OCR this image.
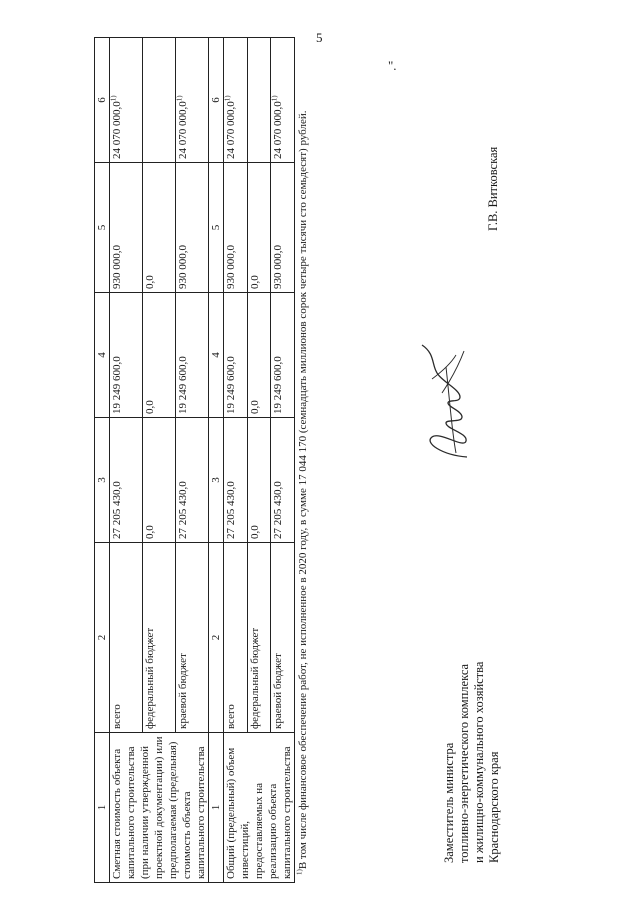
5
".
1	2	3	4	5	6
Сметная стоимость объекта капитального строительства (при наличии утвержденной проектной документации) или предполагаемая (предельная) стоимость объекта капитального строительства	всего	27 205 430,0	19 249 600,0	930 000,0	24 070 000,0$^{1)}$
	федеральный бюджет	0,0	0,0	0,0	
	краевой бюджет	27 205 430,0	19 249 600,0	930 000,0	24 070 000,0$^{1)}$
1	2	3	4	5	6
Общий (предельный) объем инвестиций, предоставляемых на реализацию объекта капитального строительства	всего	27 205 430,0	19 249 600,0	930 000,0	24 070 000,0$^{1)}$
	федеральный бюджет	0,0	0,0	0,0	
	краевой бюджет	27 205 430,0	19 249 600,0	930 000,0	24 070 000,0$^{1)}$
$^{1)}$В том числе финансовое обеспечение работ, не исполненное в 2020 году, в сумме 17 044 170 (семнадцать миллионов сорок четыре тысячи сто семьдесят) рублей.	Заместитель министра топливно-энергетического комплекса и жилищно-коммунального хозяйства Краснодарского края
Г.В. Витковская
